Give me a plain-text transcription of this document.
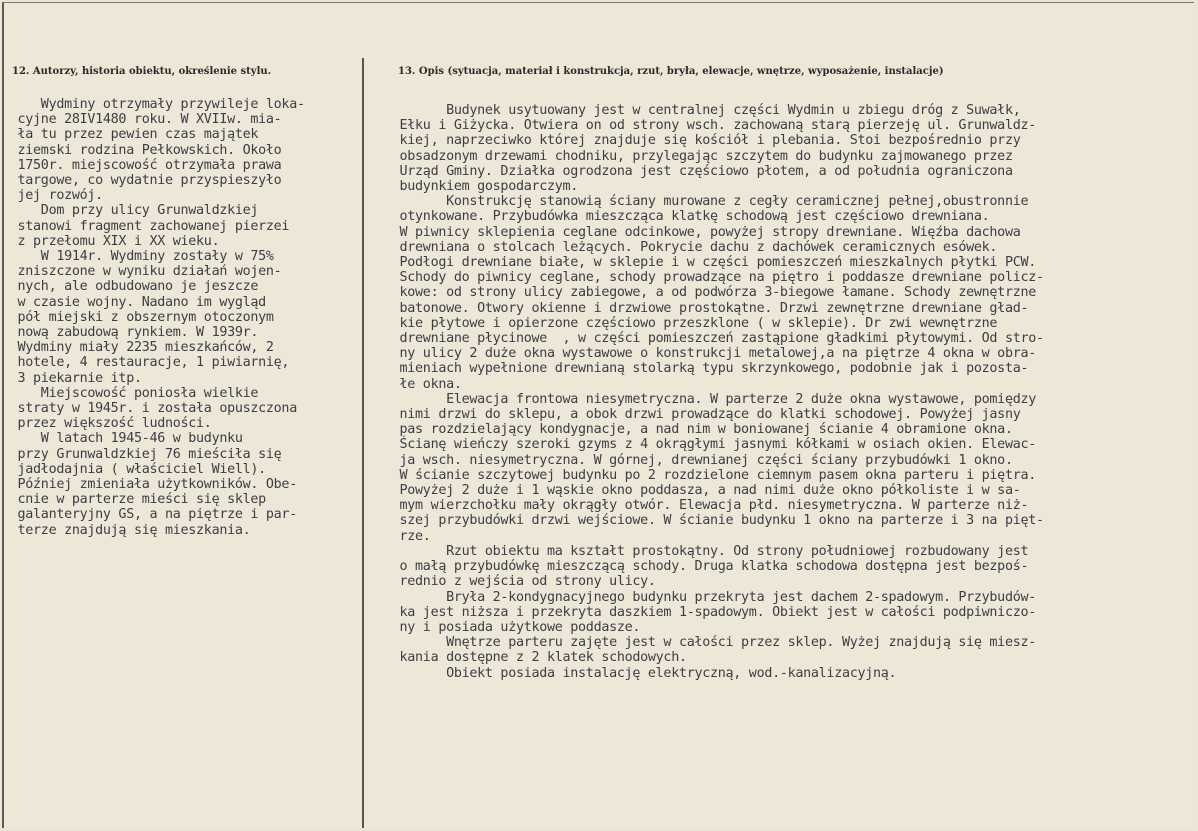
12. Autorzy, historia obiektu, określenie stylu.	13. Opis (sytuacja, materiał i konstrukcja, rzut, bryła, elewacje, wnętrze, wyposażenie, instalacje)
Wydminy otrzymały przywileje loka-
cyjne 28IV1480 roku. W XVIIw. mia-
ła tu przez pewien czas majątek
ziemski rodzina Pełkowskich. Około
1750r. miejscowość otrzymała prawa
targowe, co wydatnie przyspieszyło
jej rozwój.
Dom przy ulicy Grunwaldzkiej
stanowi fragment zachowanej pierzei
z przełomu XIX i XX wieku.
W 1914r. Wydminy zostały w 75%
zniszczone w wyniku działań wojen-
nych, ale odbudowano je jeszcze
w czasie wojny. Nadano im wygląd
pół miejski z obszernym otoczonym
nową zabudową rynkiem. W 1939r.
Wydminy miały 2235 mieszkańców, 2
hotele, 4 restauracje, 1 piwiarnię,
3 piekarnie itp.
Miejscowość poniosła wielkie
straty w 1945r. i została opuszczona
przez większość ludności.
W latach 1945-46 w budynku
przy Grunwaldzkiej 76 mieściła się
jadłodajnia ( właściciel Wiell).
Później zmieniała użytkowników. Obe-
cnie w parterze mieści się sklep
galanteryjny GS, a na piętrze i par-
terze znajdują się mieszkania.
Budynek usytuowany jest w centralnej części Wydmin u zbiegu dróg z Suwałk,
Ełku i Giżycka. Otwiera on od strony wsch. zachowaną starą pierzeję ul. Grunwaldz-
kiej, naprzeciwko której znajduje się kościół i plebania. Stoi bezpośrednio przy
obsadzonym drzewami chodniku, przylegając szczytem do budynku zajmowanego przez
Urząd Gminy. Działka ogrodzona jest częściowo płotem, a od południa ograniczona
budynkiem gospodarczym.
Konstrukcję stanowią ściany murowane z cegły ceramicznej pełnej,obustronnie
otynkowane. Przybudówka mieszcząca klatkę schodową jest częściowo drewniana.
W piwnicy sklepienia ceglane odcinkowe, powyżej stropy drewniane. Więźba dachowa
drewniana o stolcach leżących. Pokrycie dachu z dachówek ceramicznych esówek.
Podłogi drewniane białe, w sklepie i w części pomieszczeń mieszkalnych płytki PCW.
Schody do piwnicy ceglane, schody prowadzące na piętro i poddasze drewniane policz-
kowe: od strony ulicy zabiegowe, a od podwórza 3-biegowe łamane. Schody zewnętrzne
batonowe. Otwory okienne i drzwiowe prostokątne. Drzwi zewnętrzne drewniane gład-
kie płytowe i opierzone częściowo przeszklone ( w sklepie). Dr zwi wewnętrzne
drewniane płycinowe  , w części pomieszczeń zastąpione gładkimi płytowymi. Od stro-
ny ulicy 2 duże okna wystawowe o konstrukcji metalowej,a na piętrze 4 okna w obra-
mieniach wypełnione drewnianą stolarką typu skrzynkowego, podobnie jak i pozosta-
łe okna.
Elewacja frontowa niesymetryczna. W parterze 2 duże okna wystawowe, pomiędzy
nimi drzwi do sklepu, a obok drzwi prowadzące do klatki schodowej. Powyżej jasny
pas rozdzielający kondygnacje, a nad nim w boniowanej ścianie 4 obramione okna.
Ścianę wieńczy szeroki gzyms z 4 okrągłymi jasnymi kółkami w osiach okien. Elewac-
ja wsch. niesymetryczna. W górnej, drewnianej części ściany przybudówki 1 okno.
W ścianie szczytowej budynku po 2 rozdzielone ciemnym pasem okna parteru i piętra.
Powyżej 2 duże i 1 wąskie okno poddasza, a nad nimi duże okno półkoliste i w sa-
mym wierzchołku mały okrągły otwór. Elewacja płd. niesymetryczna. W parterze niż-
szej przybudówki drzwi wejściowe. W ścianie budynku 1 okno na parterze i 3 na pięt-
rze.
Rzut obiektu ma kształt prostokątny. Od strony południowej rozbudowany jest
o małą przybudówkę mieszczącą schody. Druga klatka schodowa dostępna jest bezpoś-
rednio z wejścia od strony ulicy.
Bryła 2-kondygnacyjnego budynku przekryta jest dachem 2-spadowym. Przybudów-
ka jest niższa i przekryta daszkiem 1-spadowym. Obiekt jest w całości podpiwniczo-
ny i posiada użytkowe poddasze.
Wnętrze parteru zajęte jest w całości przez sklep. Wyżej znajdują się miesz-
kania dostępne z 2 klatek schodowych.
Obiekt posiada instalację elektryczną, wod.-kanalizacyjną.
